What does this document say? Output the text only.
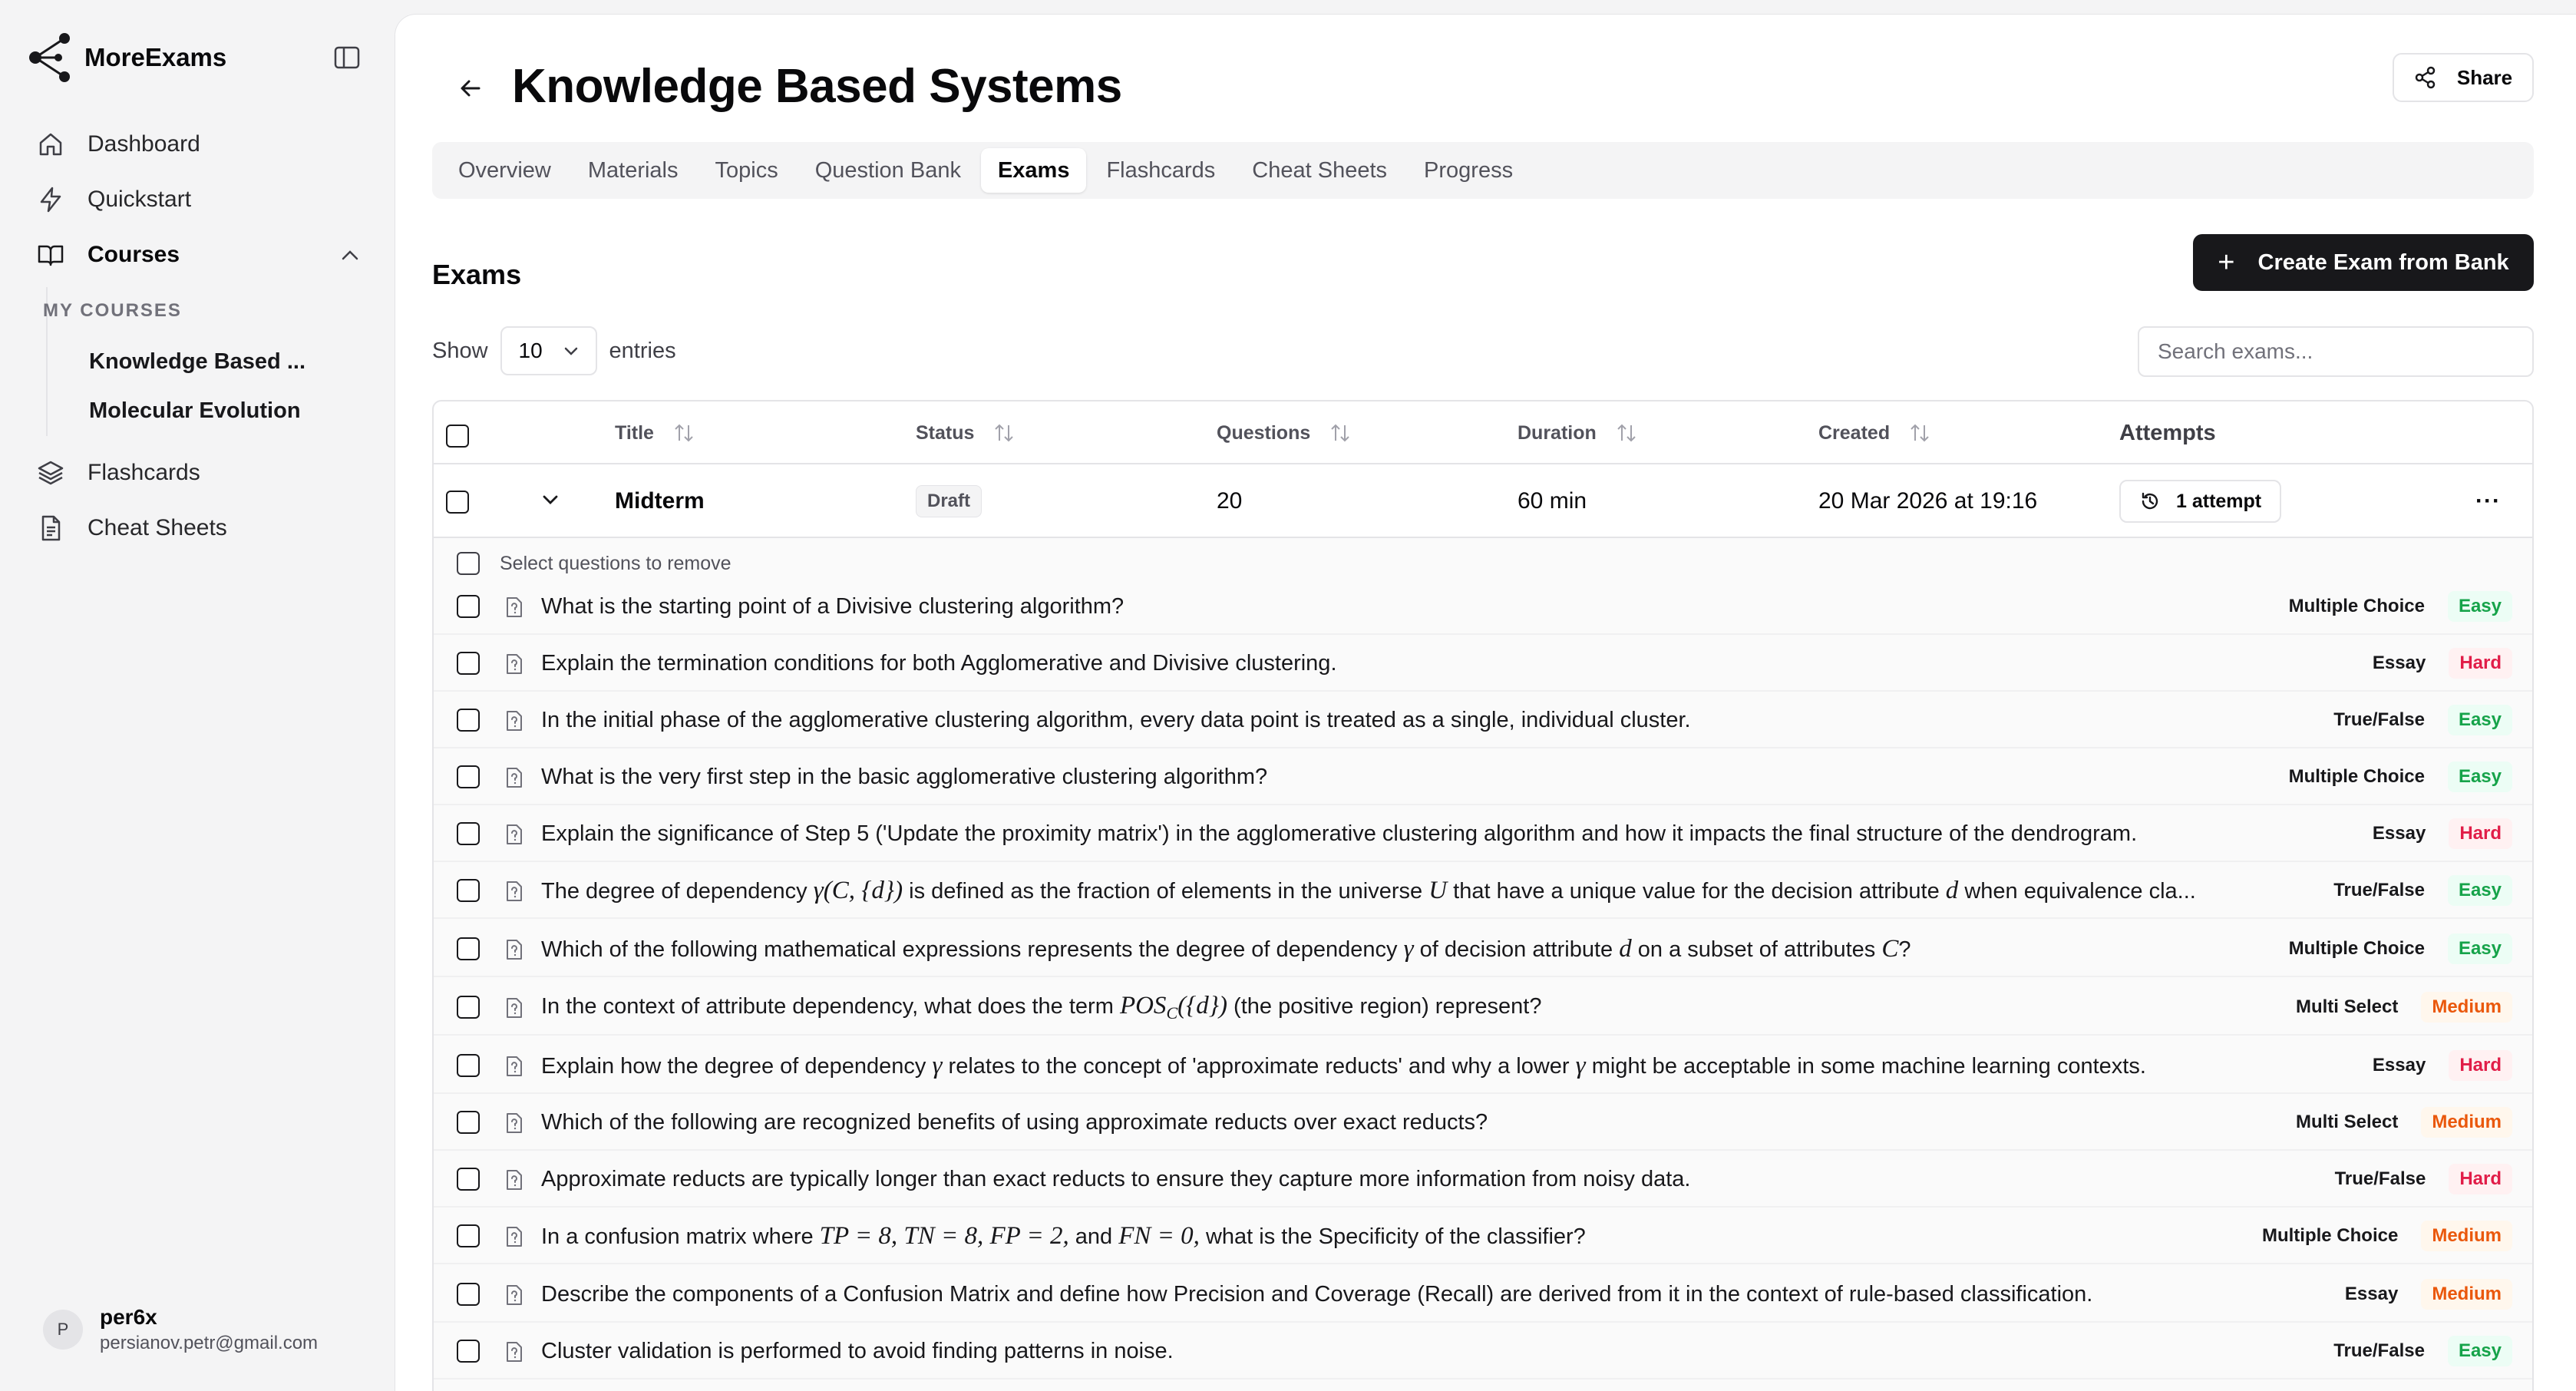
MoreExams
Dashboard
Quickstart
Courses
MY COURSES
Knowledge Based ...
Molecular Evolution
Flashcards
Cheat Sheets
P
per6x
persianov.petr@gmail.com
Knowledge Based Systems	Share
Overview	Materials	Topics	Question Bank	Exams	Flashcards	Cheat Sheets	Progress
Exams	+ Create Exam from Bank
Show 10	entries
Search exams...
Title	Status	Questions	Duration	Created	Attempts
Midterm	Draft	20	60 min	20 Mar 2026 at 19:16	1 attempt	···
Select questions to remove
What is the starting point of a Divisive clustering algorithm?	Multiple Choice	Easy
Explain the termination conditions for both Agglomerative and Divisive clustering.	Essay	Hard
In the initial phase of the agglomerative clustering algorithm, every data point is treated as a single, individual cluster.	True/False	Easy
What is the very first step in the basic agglomerative clustering algorithm?	Multiple Choice	Easy
Explain the significance of Step 5 ('Update the proximity matrix') in the agglomerative clustering algorithm and how it impacts the final structure of the dendrogram.	Essay	Hard
The degree of dependency γ(C, {d}) is defined as the fraction of elements in the universe U that have a unique value for the decision attribute d when equivalence cla...	True/False	Easy
Which of the following mathematical expressions represents the degree of dependency γ of decision attribute d on a subset of attributes C?	Multiple Choice	Easy
In the context of attribute dependency, what does the term $POS_C(\{d\})$ (the positive region) represent?	Multi Select	Medium
Explain how the degree of dependency γ relates to the concept of 'approximate reducts' and why a lower γ might be acceptable in some machine learning contexts.	Essay	Hard
Which of the following are recognized benefits of using approximate reducts over exact reducts?	Multi Select	Medium
Approximate reducts are typically longer than exact reducts to ensure they capture more information from noisy data.	True/False	Hard
In a confusion matrix where TP = 8, TN = 8, FP = 2, and FN = 0, what is the Specificity of the classifier?	Multiple Choice	Medium
Describe the components of a Confusion Matrix and define how Precision and Coverage (Recall) are derived from it in the context of rule-based classification.	Essay	Medium
Cluster validation is performed to avoid finding patterns in noise.	True/False	Easy
